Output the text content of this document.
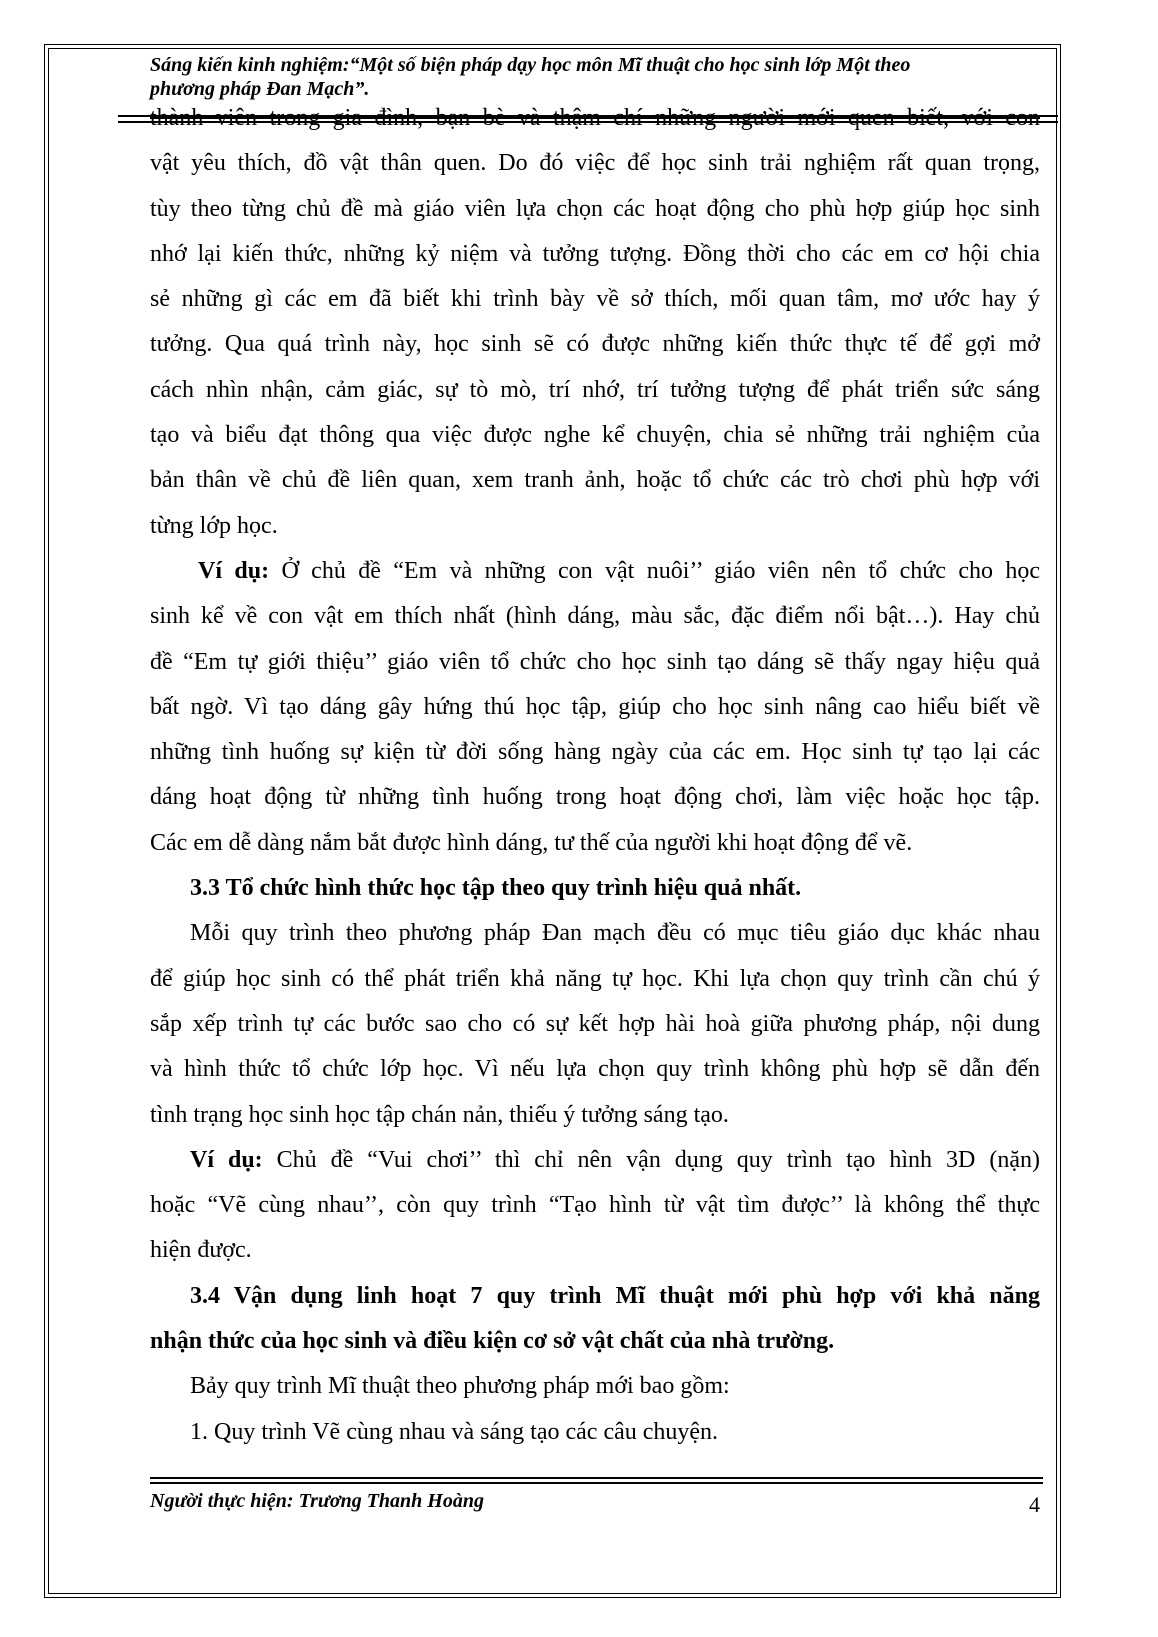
Sáng kiến kinh nghiệm:“Một số biện pháp dạy học môn Mĩ thuật cho học sinh lớp Một theo
phương pháp Đan Mạch”.
thành viên trong gia đình, bạn bè và thậm chí những người mới quen biết, với con
vật yêu thích, đồ vật thân quen. Do đó việc để học sinh trải nghiệm rất quan trọng,
tùy theo từng chủ đề mà giáo viên lựa chọn các hoạt động cho phù hợp giúp học sinh
nhớ lại kiến thức, những kỷ niệm và tưởng tượng. Đồng thời cho các em cơ hội chia
sẻ những gì các em đã biết khi trình bày về sở thích, mối quan tâm, mơ ước hay ý
tưởng. Qua quá trình này, học sinh sẽ có được những kiến thức thực tế để gợi mở
cách nhìn nhận, cảm giác, sự tò mò, trí nhớ, trí tưởng tượng để phát triển sức sáng
tạo và biểu đạt thông qua việc được nghe kể chuyện, chia sẻ những trải nghiệm của
bản thân về chủ đề liên quan, xem tranh ảnh, hoặc tổ chức các trò chơi phù hợp với
từng lớp học.
Ví dụ: Ở chủ đề “Em và những con vật nuôi’’ giáo viên nên tổ chức cho học
sinh kể về con vật em thích nhất (hình dáng, màu sắc, đặc điểm nổi bật…). Hay chủ
đề “Em tự giới thiệu’’ giáo viên tổ chức cho học sinh tạo dáng sẽ thấy ngay hiệu quả
bất ngờ. Vì tạo dáng gây hứng thú học tập, giúp cho học sinh nâng cao hiểu biết về
những tình huống sự kiện từ đời sống hàng ngày của các em. Học sinh tự tạo lại các
dáng hoạt động từ những tình huống trong hoạt động chơi, làm việc hoặc học tập.
Các em dễ dàng nắm bắt được hình dáng, tư thế của người khi hoạt động để vẽ.
3.3 Tổ chức hình thức học tập theo quy trình hiệu quả nhất.
Mỗi quy trình theo phương pháp Đan mạch đều có mục tiêu giáo dục khác nhau
để giúp học sinh có thể phát triển khả năng tự học. Khi lựa chọn quy trình cần chú ý
sắp xếp trình tự các bước sao cho có sự kết hợp hài hoà giữa phương pháp, nội dung
và hình thức tổ chức lớp học. Vì nếu lựa chọn quy trình không phù hợp sẽ dẫn đến
tình trạng học sinh học tập chán nản, thiếu ý tưởng sáng tạo.
Ví dụ: Chủ đề “Vui chơi’’ thì chỉ nên vận dụng quy trình tạo hình 3D (nặn)
hoặc “Vẽ cùng nhau’’, còn quy trình “Tạo hình từ vật tìm được’’ là không thể thực
hiện được.
3.4 Vận dụng linh hoạt 7 quy trình Mĩ thuật mới phù hợp với khả năng
nhận thức của học sinh và điều kiện cơ sở vật chất của nhà trường.
Bảy quy trình Mĩ thuật theo phương pháp mới bao gồm:
1. Quy trình Vẽ cùng nhau và sáng tạo các câu chuyện.
Người thực hiện: Trương Thanh Hoàng	4
